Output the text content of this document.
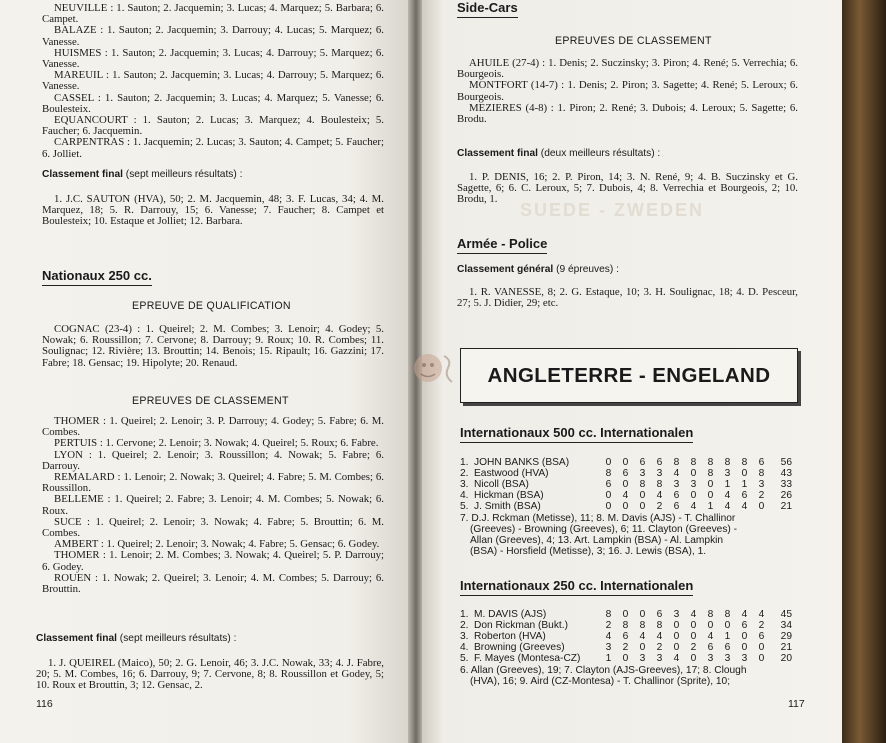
NEUVILLE : 1. Sauton; 2. Jacquemin; 3. Lucas; 4. Marquez; 5. Barbara; 6. Campet.

BALAZE : 1. Sauton; 2. Jacquemin; 3. Darrouy; 4. Lucas; 5. Marquez; 6. Vanesse.

HUISMES : 1. Sauton; 2. Jacquemin; 3. Lucas; 4. Darrouy; 5. Marquez; 6. Vanesse.

MAREUIL : 1. Sauton; 2. Jacquemin; 3. Lucas; 4. Darrouy; 5. Marquez; 6. Vanesse.

CASSEL : 1. Sauton; 2. Jacquemin; 3. Lucas; 4. Marquez; 5. Vanesse; 6. Boulesteix.

EQUANCOURT : 1. Sauton; 2. Lucas; 3. Marquez; 4. Boulesteix; 5. Faucher; 6. Jacquemin.

CARPENTRAS : 1. Jacquemin; 2. Lucas; 3. Sauton; 4. Campet; 5. Faucher; 6. Jolliet.

Classement final (sept meilleurs résultats) :
1. J.C. SAUTON (HVA), 50; 2. M. Jacquemin, 48; 3. F. Lucas, 34; 4. M. Marquez, 18; 5. R. Darrouy, 15; 6. Vanesse; 7. Faucher; 8. Campet et Boulesteix; 10. Estaque et Jolliet; 12. Barbara.
Nationaux 250 cc.
EPREUVE DE QUALIFICATION
COGNAC (23-4) : 1. Queirel; 2. M. Combes; 3. Lenoir; 4. Godey; 5. Nowak; 6. Roussillon; 7. Cervone; 8. Darrouy; 9. Roux; 10. R. Combes; 11. Soulignac; 12. Rivière; 13. Brouttin; 14. Benois; 15. Ripault; 16. Gazzini; 17. Fabre; 18. Gensac; 19. Hipolyte; 20. Renaud.
EPREUVES DE CLASSEMENT

THOMER : 1. Queirel; 2. Lenoir; 3. P. Darrouy; 4. Godey; 5. Fabre; 6. M. Combes.

PERTUIS : 1. Cervone; 2. Lenoir; 3. Nowak; 4. Queirel; 5. Roux; 6. Fabre.

LYON : 1. Queirel; 2. Lenoir; 3. Roussillon; 4. Nowak; 5. Fabre; 6. Darrouy.

REMALARD : 1. Lenoir; 2. Nowak; 3. Queirel; 4. Fabre; 5. M. Combes; 6. Roussillon.

BELLEME : 1. Queirel; 2. Fabre; 3. Lenoir; 4. M. Combes; 5. Nowak; 6. Roux.

SUCE : 1. Queirel; 2. Lenoir; 3. Nowak; 4. Fabre; 5. Brouttin; 6. M. Combes.

AMBERT : 1. Queirel; 2. Lenoir; 3. Nowak; 4. Fabre; 5. Gensac; 6. Godey.

THOMER : 1. Lenoir; 2. M. Combes; 3. Nowak; 4. Queirel; 5. P. Darrouy; 6. Godey.

ROUEN : 1. Nowak; 2. Queirel; 3. Lenoir; 4. M. Combes; 5. Darrouy; 6. Brouttin.

Classement final (sept meilleurs résultats) :
1. J. QUEIREL (Maico), 50; 2. G. Lenoir, 46; 3. J.C. Nowak, 33; 4. J. Fabre, 20; 5. M. Combes, 16; 6. Darrouy, 9; 7. Cervone, 8; 8. Roussillon et Godey, 5; 10. Roux et Brouttin, 3; 12. Gensac, 2.
116
Side-Cars
EPREUVES DE CLASSEMENT

AHUILE (27-4) : 1. Denis; 2. Suczinsky; 3. Piron; 4. René; 5. Verrechia; 6. Bourgeois.

MONTFORT (14-7) : 1. Denis; 2. Piron; 3. Sagette; 4. René; 5. Leroux; 6. Bourgeois.

MEZIERES (4-8) : 1. Piron; 2. René; 3. Dubois; 4. Leroux; 5. Sagette; 6. Brodu.

Classement final (deux meilleurs résultats) :
1. P. DENIS, 16; 2. P. Piron, 14; 3. N. René, 9; 4. B. Suczinsky et G. Sagette, 6; 6. C. Leroux, 5; 7. Dubois, 4; 8. Verrechia et Bourgeois, 2; 10. Brodu, 1.
SUEDE - ZWEDEN
Armée - Police
Classement général (9 épreuves) :
1. R. VANESSE, 8; 2. G. Estaque, 10; 3. H. Soulignac, 18; 4. D. Pesceur, 27; 5. J. Didier, 29; etc.
ANGLETERRE - ENGELAND
Internationaux 500 cc. Internationalen
1.	JOHN BANKS (BSA)	0	0	6	6	8	8	8	8	8	6	56
2.	Eastwood (HVA)	8	6	3	3	4	0	8	3	0	8	43
3.	Nicoll (BSA)	6	0	8	8	3	3	0	1	1	3	33
4.	Hickman (BSA)	0	4	0	4	6	0	0	4	6	2	26
5.	J. Smith (BSA)	0	0	0	2	6	4	1	4	4	0	21

7. D.J. Rckman (Metisse), 11; 8. M. Davis (AJS) - T. Challinor

(Greeves) - Browning (Greeves), 6; 11. Clayton (Greeves) -

Allan (Greeves), 4; 13. Art. Lampkin (BSA) - Al. Lampkin

(BSA) - Horsfield (Metisse), 3; 16. J. Lewis (BSA), 1.

Internationaux 250 cc. Internationalen
1.	M. DAVIS (AJS)	8	0	0	6	3	4	8	8	4	4	45
2.	Don Rickman (Bukt.)	2	8	8	8	0	0	0	0	6	2	34
3.	Roberton (HVA)	4	6	4	4	0	0	4	1	0	6	29
4.	Browning (Greeves)	3	2	0	2	0	2	6	6	0	0	21
5.	F. Mayes (Montesa-CZ)	1	0	3	3	4	0	3	3	3	0	20

6. Allan (Greeves), 19; 7. Clayton (AJS-Greeves), 17; 8. Clough

(HVA), 16; 9. Aird (CZ-Montesa) - T. Challinor (Sprite), 10;

117
